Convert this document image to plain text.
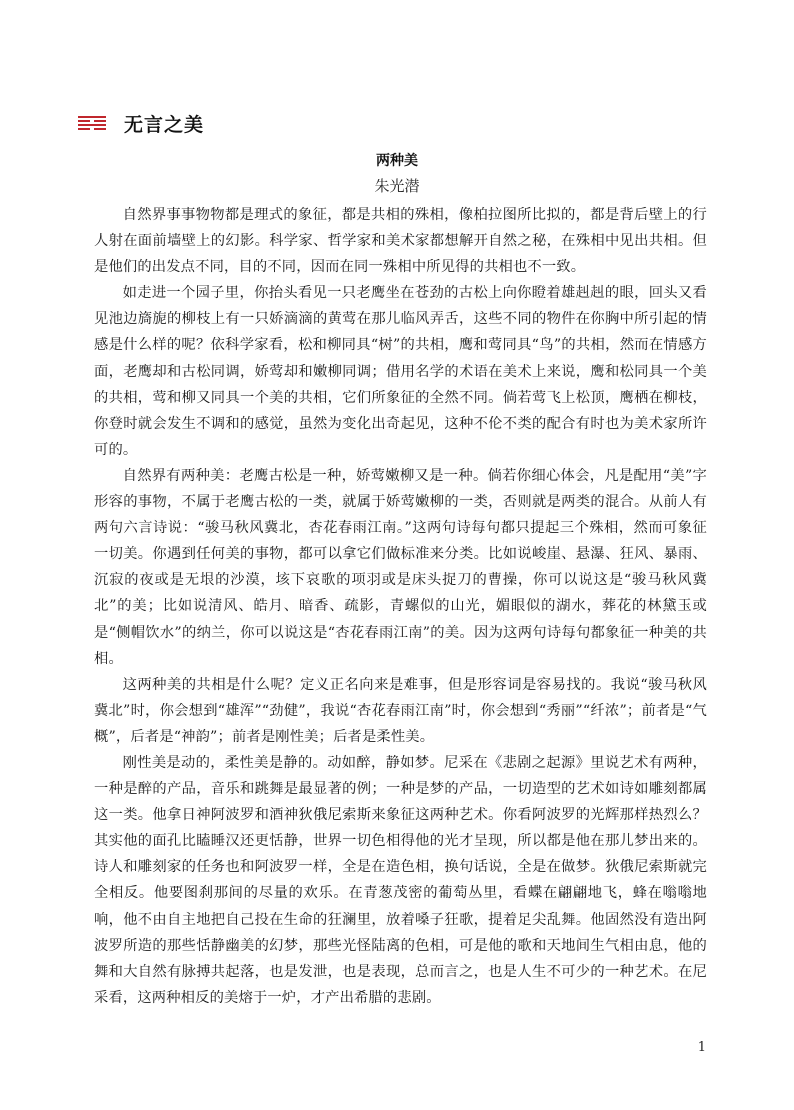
无言之美
两种美
朱光潜

自然界事事物物都是理式的象征，都是共相的殊相，像柏拉图所比拟的，都是背后壁上的行人射在面前墙壁上的幻影。科学家、哲学家和美术家都想解开自然之秘，在殊相中见出共相。但是他们的出发点不同，目的不同，因而在同一殊相中所见得的共相也不一致。

如走进一个园子里，你抬头看见一只老鹰坐在苍劲的古松上向你瞪着雄赳赳的眼，回头又看见池边旖旎的柳枝上有一只娇滴滴的黄莺在那儿临风弄舌，这些不同的物件在你胸中所引起的情感是什么样的呢？依科学家看，松和柳同具“树”的共相，鹰和莺同具“鸟”的共相，然而在情感方面，老鹰却和古松同调，娇莺却和嫩柳同调；借用名学的术语在美术上来说，鹰和松同具一个美的共相，莺和柳又同具一个美的共相，它们所象征的全然不同。倘若莺飞上松顶，鹰栖在柳枝，你登时就会发生不调和的感觉，虽然为变化出奇起见，这种不伦不类的配合有时也为美术家所许可的。

自然界有两种美：老鹰古松是一种，娇莺嫩柳又是一种。倘若你细心体会，凡是配用“美”字形容的事物，不属于老鹰古松的一类，就属于娇莺嫩柳的一类，否则就是两类的混合。从前人有两句六言诗说：“骏马秋风冀北，杏花春雨江南。”这两句诗每句都只提起三个殊相，然而可象征一切美。你遇到任何美的事物，都可以拿它们做标准来分类。比如说峻崖、悬瀑、狂风、暴雨、沉寂的夜或是无垠的沙漠，垓下哀歌的项羽或是床头捉刀的曹操，你可以说这是“骏马秋风冀北”的美；比如说清风、皓月、暗香、疏影，青螺似的山光，媚眼似的湖水，葬花的林黛玉或是“侧帽饮水”的纳兰，你可以说这是“杏花春雨江南”的美。因为这两句诗每句都象征一种美的共相。

这两种美的共相是什么呢？定义正名向来是难事，但是形容词是容易找的。我说“骏马秋风冀北”时，你会想到“雄浑”“劲健”，我说“杏花春雨江南”时，你会想到“秀丽”“纤浓”；前者是“气概”，后者是“神韵”；前者是刚性美；后者是柔性美。

刚性美是动的，柔性美是静的。动如醉，静如梦。尼采在《悲剧之起源》里说艺术有两种，一种是醉的产品，音乐和跳舞是最显著的例；一种是梦的产品，一切造型的艺术如诗如雕刻都属这一类。他拿日神阿波罗和酒神狄俄尼索斯来象征这两种艺术。你看阿波罗的光辉那样热烈么？其实他的面孔比瞌睡汉还更恬静，世界一切色相得他的光才呈现，所以都是他在那儿梦出来的。诗人和雕刻家的任务也和阿波罗一样，全是在造色相，换句话说，全是在做梦。狄俄尼索斯就完全相反。他要图刹那间的尽量的欢乐。在青葱茂密的葡萄丛里，看蝶在翩翩地飞，蜂在嗡嗡地响，他不由自主地把自己投在生命的狂澜里，放着嗓子狂歌，提着足尖乱舞。他固然没有造出阿波罗所造的那些恬静幽美的幻梦，那些光怪陆离的色相，可是他的歌和天地间生气相由息，他的舞和大自然有脉搏共起落，也是发泄，也是表现，总而言之，也是人生不可少的一种艺术。在尼采看，这两种相反的美熔于一炉，才产出希腊的悲剧。

1
